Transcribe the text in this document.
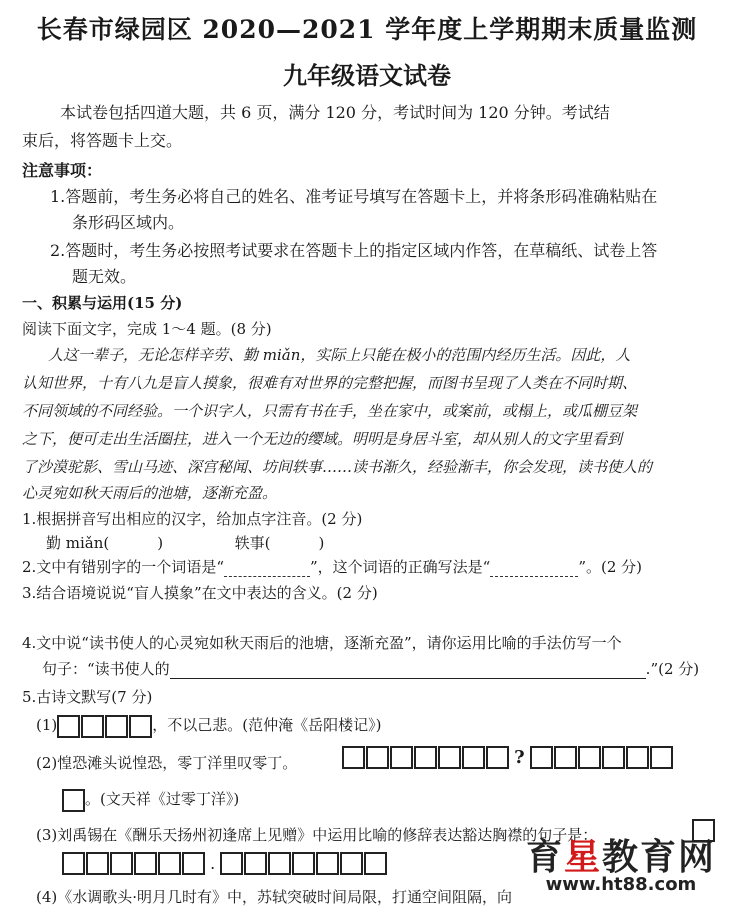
长春市绿园区 2020—2021 学年度上学期期末质量监测
九年级语文试卷
本试卷包括四道大题，共 6 页，满分 120 分，考试时间为 120 分钟。考试结
束后，将答题卡上交。
注意事项：
1.答题前，考生务必将自己的姓名、准考证号填写在答题卡上，并将条形码准确粘贴在
条形码区域内。
2.答题时，考生务必按照考试要求在答题卡上的指定区域内作答，在草稿纸、试卷上答
题无效。
一、积累与运用(15 分)
阅读下面文字，完成 1～4 题。(8 分)
人这一辈子，无论怎样辛劳、勤 miǎn，实际上只能在极小的范围内经历生活。因此，人
认知世界，十有八九是盲人摸象，很难有对世界的完整把握，而图书呈现了人类在不同时期、
不同领域的不同经验。一个识字人，只需有书在手，坐在家中，或案前，或榻上，或瓜棚豆架
之下，便可走出生活圈拄，进入一个无边的缨域。明明是身居斗室，却从别人的文字里看到
了沙漠驼影、雪山马迹、深宫秘闻、坊间轶事……读书渐久，经验渐丰，你会发现，读书使人的
心灵宛如秋天雨后的池塘，逐渐充盈。
1.根据拼音写出相应的汉字，给加点字注音。(2 分)
勤 miǎn(	)	轶事(	)
2.文中有错别字的一个词语是“	”，这个词语的正确写法是“	”。(2 分)
3.结合语境说说“盲人摸象”在文中表达的含义。(2 分)
4.文中说“读书使人的心灵宛如秋天雨后的池塘，逐渐充盈”，请你运用比喻的手法仿写一个
句子：“读书使人的	.”(2 分)
5.古诗文默写(7 分)
(1)	，不以己悲。(范仲淹《岳阳楼记》)
(2)惶恐滩头说惶恐，零丁洋里叹零丁。	?
。(文天祥《过零丁洋》)
(3)刘禹锡在《酬乐天扬州初逢席上见赠》中运用比喻的修辞表达豁达胸襟的句子是：
.
(4)《水调歌头·明月几时有》中，苏轼突破时间局限，打通空间阻隔，向
育星教育网
www.ht88.com
